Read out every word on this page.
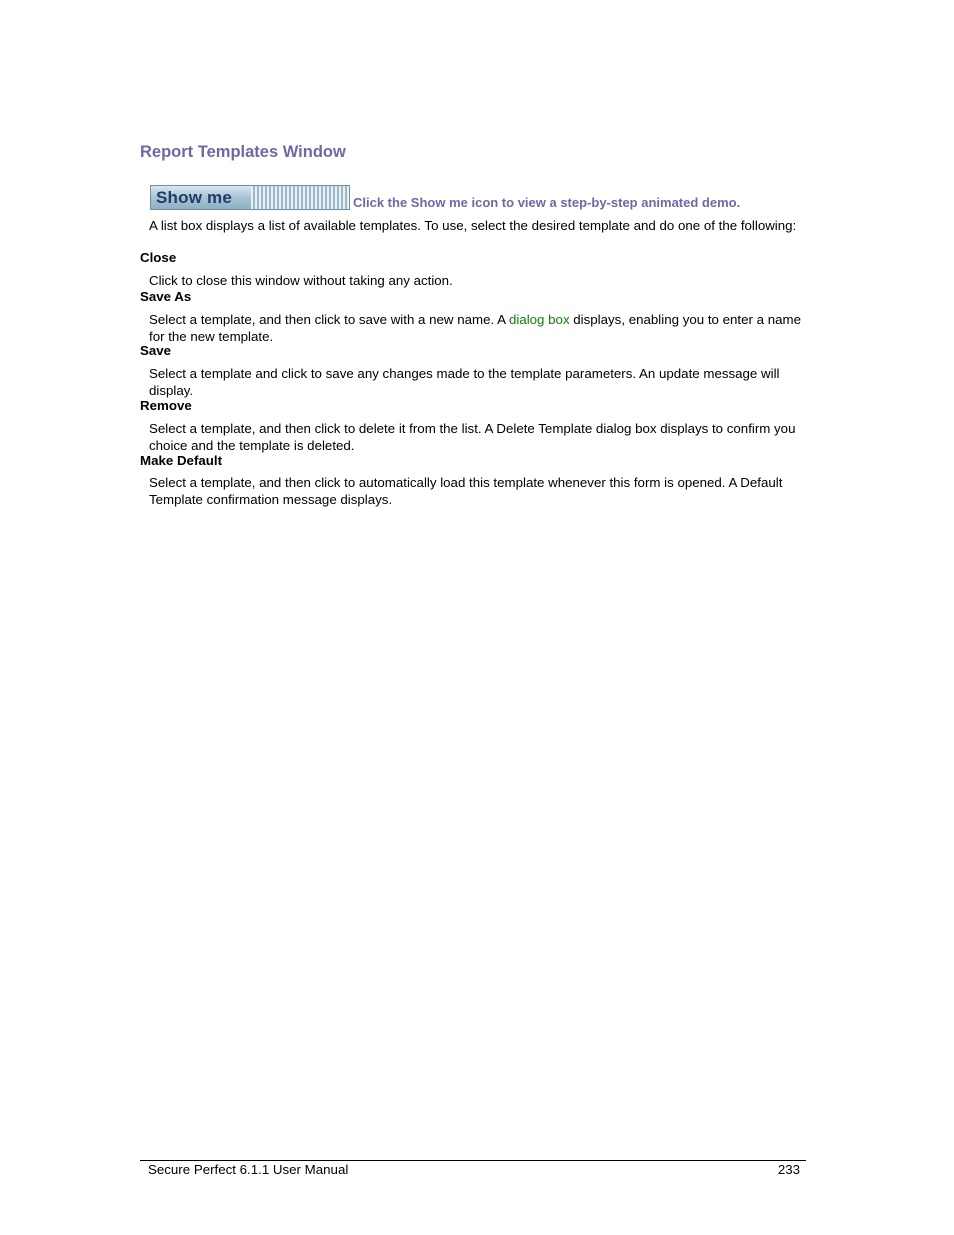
Report Templates Window
Show me	Click the Show me icon to view a step-by-step animated demo.
A list box displays a list of available templates. To use, select the desired template and do one of the following:
Close
Click to close this window without taking any action.
Save As
Select a template, and then click to save with a new name. A dialog box displays, enabling you to enter a name for the new template.
Save
Select a template and click to save any changes made to the template parameters. An update message will display.
Remove
Select a template, and then click to delete it from the list. A Delete Template dialog box displays to confirm you choice and the template is deleted.
Make Default
Select a template, and then click to automatically load this template whenever this form is opened. A Default Template confirmation message displays.
Secure Perfect 6.1.1 User Manual	233
